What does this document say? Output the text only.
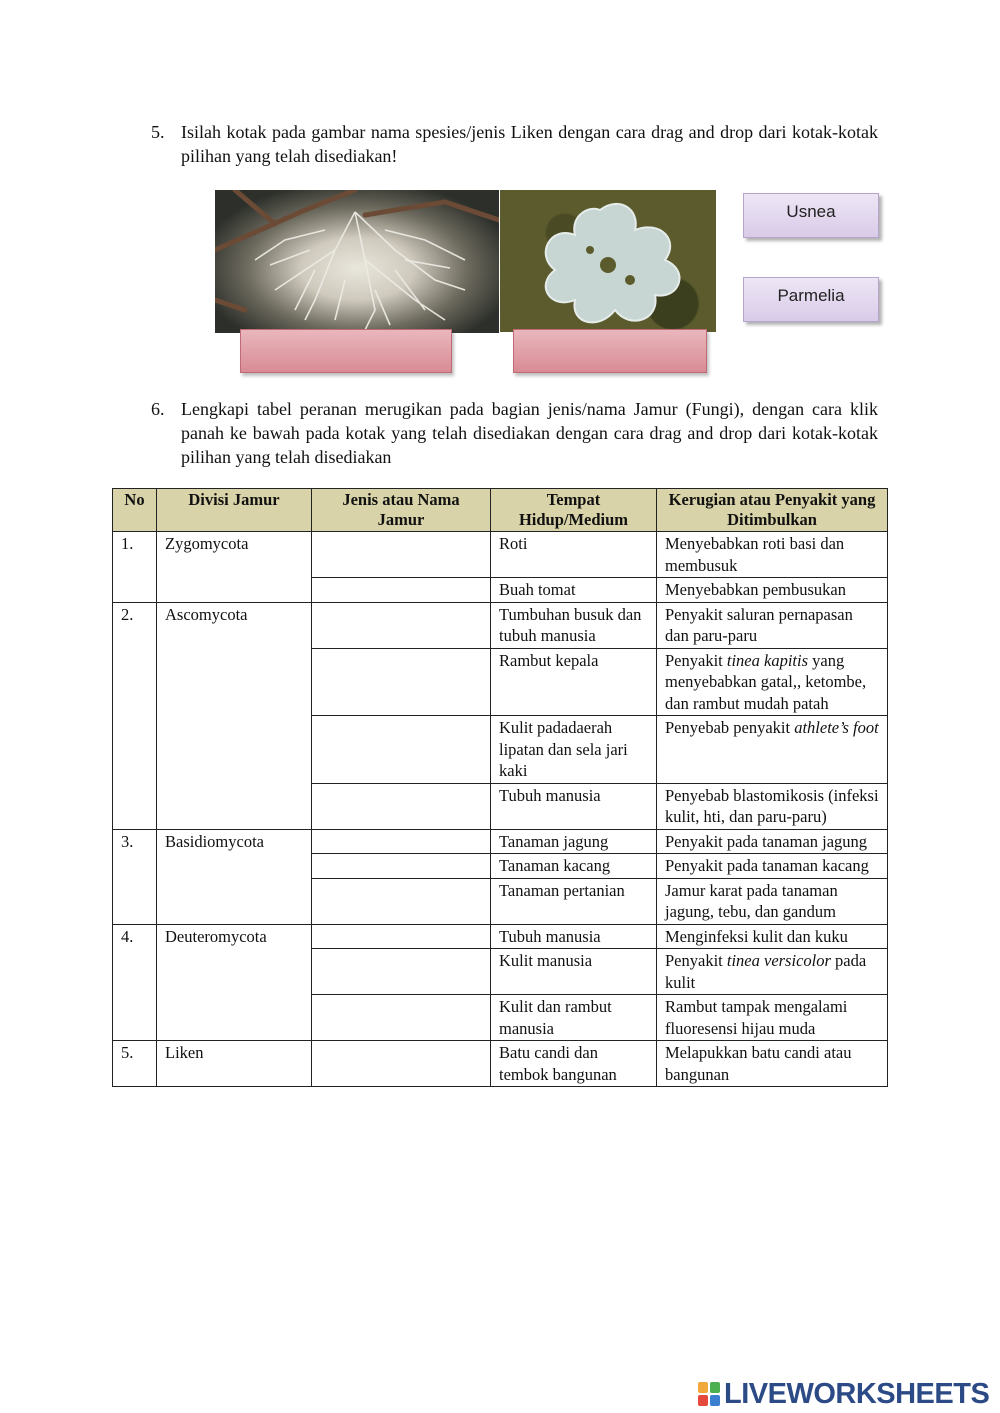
5. Isilah kotak pada gambar nama spesies/jenis Liken dengan cara drag and drop dari kotak-kotak pilihan yang telah disediakan!
Usnea
Parmelia
6. Lengkapi tabel peranan merugikan pada bagian jenis/nama Jamur (Fungi), dengan cara klik panah ke bawah pada kotak yang telah disediakan dengan cara drag and drop dari kotak-kotak pilihan yang telah disediakan
No	Divisi Jamur	Jenis atau Nama Jamur	Tempat Hidup/Medium	Kerugian atau Penyakit yang Ditimbulkan
1.	Zygomycota		Roti	Menyebabkan roti basi dan membusuk
			Buah tomat	Menyebabkan pembusukan
2.	Ascomycota		Tumbuhan busuk dan tubuh manusia	Penyakit saluran pernapasan dan paru-paru
			Rambut kepala	Penyakit tinea kapitis yang menyebabkan gatal,, ketombe, dan rambut mudah patah
			Kulit padadaerah lipatan dan sela jari kaki	Penyebab penyakit athlete’s foot
			Tubuh manusia	Penyebab blastomikosis (infeksi kulit, hti, dan paru-paru)
3.	Basidiomycota		Tanaman jagung	Penyakit pada tanaman jagung
			Tanaman kacang	Penyakit pada tanaman kacang
			Tanaman pertanian	Jamur karat pada tanaman jagung, tebu, dan gandum
4.	Deuteromycota		Tubuh manusia	Menginfeksi kulit dan kuku
			Kulit manusia	Penyakit tinea versicolor pada kulit
			Kulit dan rambut manusia	Rambut tampak mengalami fluoresensi hijau muda
5.	Liken		Batu candi dan tembok bangunan	Melapukkan batu candi atau bangunan
LIVEWORKSHEETS
